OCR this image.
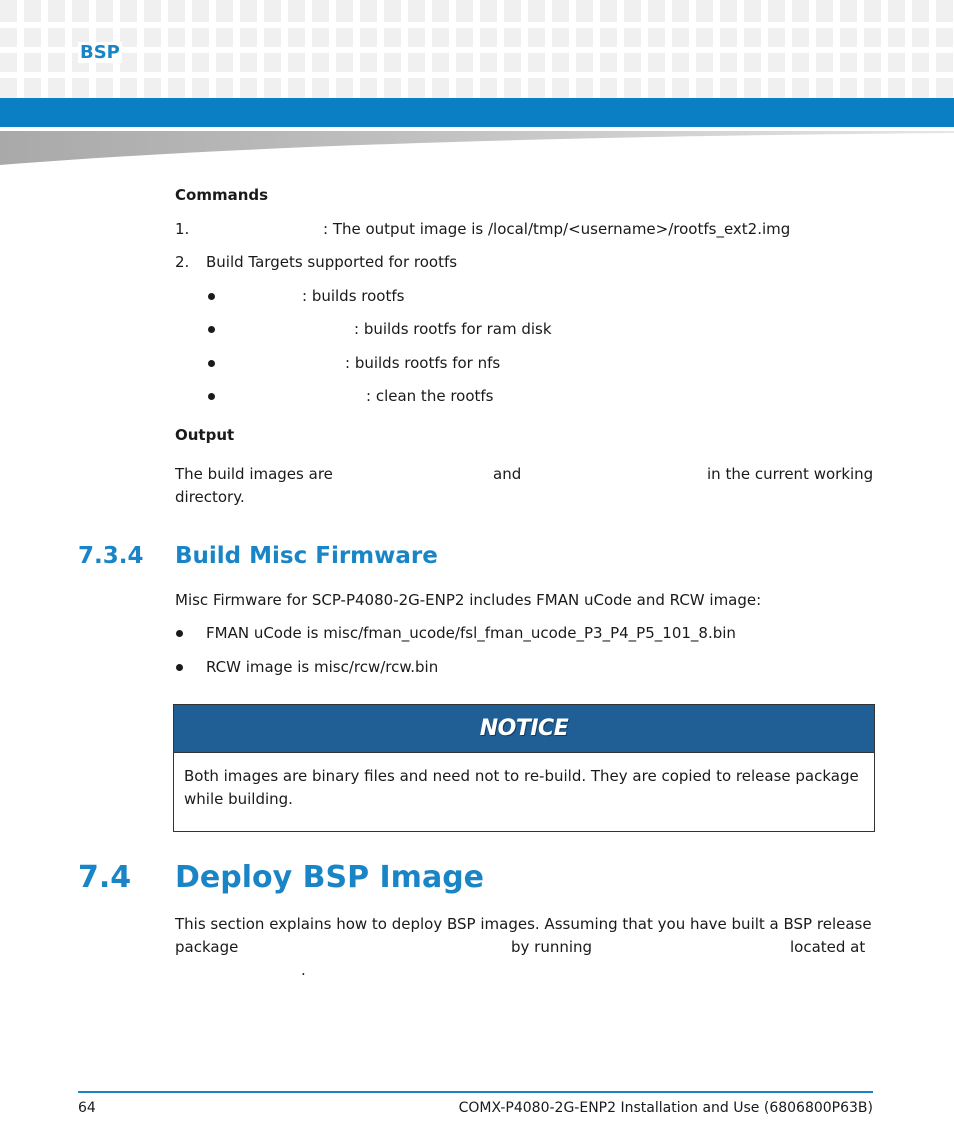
BSP
Commands
1.	: The output image is /local/tmp/<username>/rootfs_ext2.img
2. Build Targets supported for rootfs
: builds rootfs
: builds rootfs for ram disk
: builds rootfs for nfs
: clean the rootfs
Output
The build images are	and	in the current working
directory.
7.3.4 Build Misc Firmware
Misc Firmware for SCP-P4080-2G-ENP2 includes FMAN uCode and RCW image:
FMAN uCode is misc/fman_ucode/fsl_fman_ucode_P3_P4_P5_101_8.bin
RCW image is misc/rcw/rcw.bin
NOTICE
Both images are binary files and need not to re-build. They are copied to release package while building.
7.4 Deploy BSP Image
This section explains how to deploy BSP images. Assuming that you have built a BSP release
package	by running	located at
.
64	COMX-P4080-2G-ENP2 Installation and Use (6806800P63B)
